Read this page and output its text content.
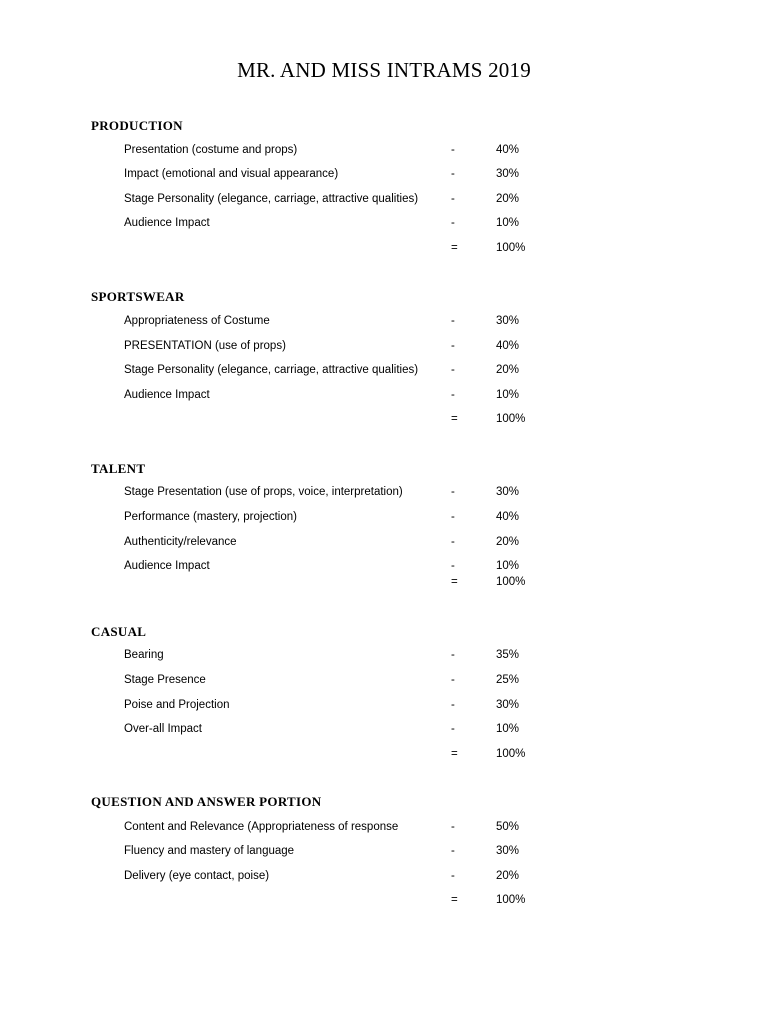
MR. AND MISS INTRAMS 2019
PRODUCTION
Presentation (costume and props)	-	40%
Impact (emotional and visual appearance)	-	30%
Stage Personality (elegance, carriage, attractive qualities)	-	20%
Audience Impact	-	10%
=	100%
SPORTSWEAR
Appropriateness of Costume	-	30%
PRESENTATION (use of props)	-	40%
Stage Personality (elegance, carriage, attractive qualities)	-	20%
Audience Impact	-	10%
=	100%
TALENT
Stage Presentation (use of props, voice, interpretation)	-	30%
Performance (mastery, projection)	-	40%
Authenticity/relevance	-	20%
Audience Impact	-	10%
=	100%
CASUAL
Bearing	-	35%
Stage Presence	-	25%
Poise and Projection	-	30%
Over-all Impact	-	10%
=	100%
QUESTION AND ANSWER PORTION
Content and Relevance (Appropriateness of response	-	50%
Fluency and mastery of language	-	30%
Delivery (eye contact, poise)	-	20%
=	100%
